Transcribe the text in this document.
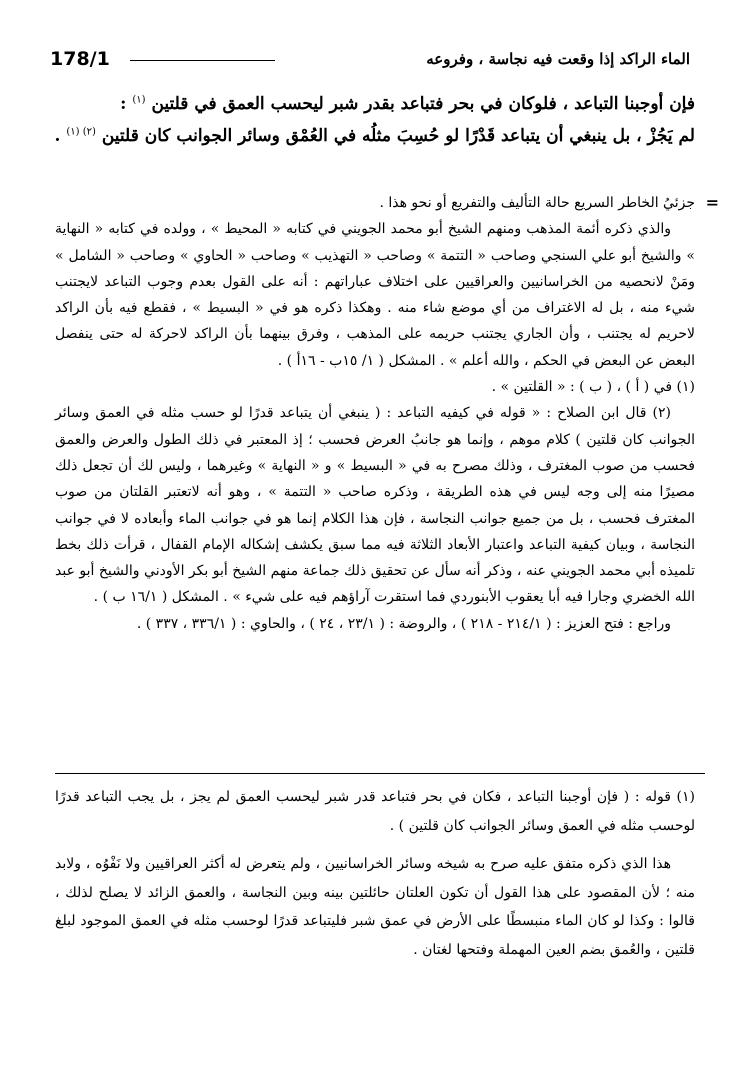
178/1	الماء الراكد إذا وقعت فيه نجاسة ، وفروعه
فإن أوجبنا التباعد ، فلوكان في بحر فتباعد بقدر شبر ليحسب العمق في قلتين $^{(١)}$ :
لم يَجُزْ ، بل ينبغي أن يتباعد قَدْرًا لو حُسِبَ مثلُه في العُمْق وسائر الجوانب كان قلتين $^{(٢) (١)}$ .

=
جزئيُ الخاطر السريع حالة التأليف والتفريع أو نحو هذا .

والذي ذكره أئمة المذهب ومنهم الشيخ أبو محمد الجويني في كتابه « المحيط » ، وولده في كتابه « النهاية » والشيخ أبو علي السنجي وصاحب « التتمة » وصاحب « التهذيب » وصاحب « الحاوي » وصاحب « الشامل » ومَنْ لانحصيه من الخراسانيين والعراقيين على اختلاف عباراتهم : أنه على القول بعدم وجوب التباعد لايجتنب شيء منه ، بل له الاغتراف من أي موضع شاء منه . وهكذا ذكره هو في « البسيط » ، فقطع فيه بأن الراكد لاحريم له يجتنب ، وأن الجاري يجتنب حريمه على المذهب ، وفرق بينهما بأن الراكد لاحركة له حتى ينفصل البعض عن البعض في الحكم ، والله أعلم » . المشكل ( ١/ ١٥ب - ١٦أ ) .

(١) في ( أ ) ، ( ب ) : « القلتين » .

(٢) قال ابن الصلاح : « قوله في كيفيه التباعد : ( ينبغي أن يتباعد قدرًا لو حسب مثله في العمق وسائر الجوانب كان قلتين ) كلام موهم ، وإنما هو جانبُ العرض فحسب ؛ إذ المعتبر في ذلك الطول والعرض والعمق فحسب من صوب المغترف ، وذلك مصرح به في « البسيط » و « النهاية » وغيرهما ، وليس لك أن تجعل ذلك مصيرًا منه إلى وجه ليس في هذه الطريقة ، وذكره صاحب « التتمة » ، وهو أنه لاتعتبر القلتان من صوب المغترف فحسب ، بل من جميع جوانب النجاسة ، فإن هذا الكلام إنما هو في جوانب الماء وأبعاده لا في جوانب النجاسة ، وبيان كيفية التباعد واعتبار الأبعاد الثلاثة فيه مما سبق يكشف إشكاله الإمام القفال ، قرأت ذلك بخط تلميذه أبي محمد الجويني عنه ، وذكر أنه سأل عن تحقيق ذلك جماعة منهم الشيخ أبو بكر الأودني والشيخ أبو عبد الله الخضري وجارا فيه أبا يعقوب الأبنوردي فما استقرت آراؤهم فيه على شيء » . المشكل ( ١٦/١ ب ) .

وراجع : فتح العزيز : ( ٢١٤/١ - ٢١٨ ) ، والروضة : ( ٢٣/١ ، ٢٤ ) ، والحاوي : ( ٣٣٦/١ ، ٣٣٧ ) .

(١) قوله : ( فإن أوجبنا التباعد ، فكان في بحر فتباعد قدر شبر ليحسب العمق لم يجز ، بل يجب التباعد قدرًا لوحسب مثله في العمق وسائر الجوانب كان قلتين ) .

هذا الذي ذكره متفق عليه صرح به شيخه وسائر الخراسانيين ، ولم يتعرض له أكثر العراقيين ولا نَفْوُه ، ولابد منه ؛ لأن المقصود على هذا القول أن تكون العلتان حائلتين بينه وبين النجاسة ، والعمق الزائد لا يصلح لذلك ، قالوا : وكذا لو كان الماء منبسطًا على الأرض في عمق شبر فليتباعد قدرًا لوحسب مثله في العمق الموجود لبلغ قلتين ، والعُمق بضم العين المهملة وفتحها لغتان .
